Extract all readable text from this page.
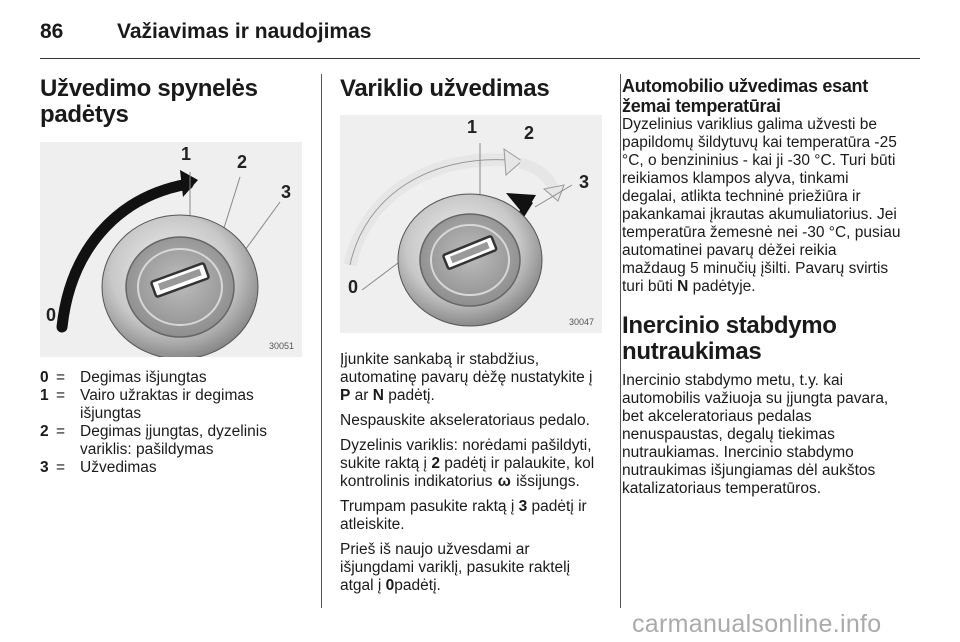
86	Važiavimas ir naudojimas
Užvedimo spynelės padėtys
0
1	2
3
30051
0 = Degimas išjungtas
1 = Vairo užraktas ir degimas išjungtas
2 = Degimas įjungtas, dyzelinis variklis: pašildymas
3 = Užvedimas
Variklio užvedimas
0
1	2
3
30047

Įjunkite sankabą ir stabdžius, automatinę pavarų dėžę nustatykite į P ar N padėtį.

Nespauskite akseleratoriaus pedalo.

Dyzelinis variklis: norėdami pašildyti, sukite raktą į 2 padėtį ir palaukite, kol kontrolinis indikatorius ω išsijungs.

Trumpam pasukite raktą į 3 padėtį ir atleiskite.

Prieš iš naujo užvesdami ar išjungdami variklį, pasukite raktelį atgal į 0padėtį.

Automobilio užvedimas esant žemai temperatūrai

Dyzelinius variklius galima užvesti be papildomų šildytuvų kai temperatūra -25 °C, o benzininius - kai ji -30 °C. Turi būti reikiamos klampos alyva, tinkami degalai, atlikta techninė priežiūra ir pakankamai įkrautas akumuliatorius. Jei temperatūra žemesnė nei -30 °C, pusiau automatinei pavarų dėžei reikia maždaug 5 minučių įšilti. Pavarų svirtis turi būti N padėtyje.

Inercinio stabdymo nutraukimas

Inercinio stabdymo metu, t.y. kai automobilis važiuoja su įjungta pavara, bet akceleratoriaus pedalas nenuspaustas, degalų tiekimas nutraukiamas. Inercinio stabdymo nutraukimas išjungiamas dėl aukštos katalizatoriaus temperatūros.

carmanualsonline.info
